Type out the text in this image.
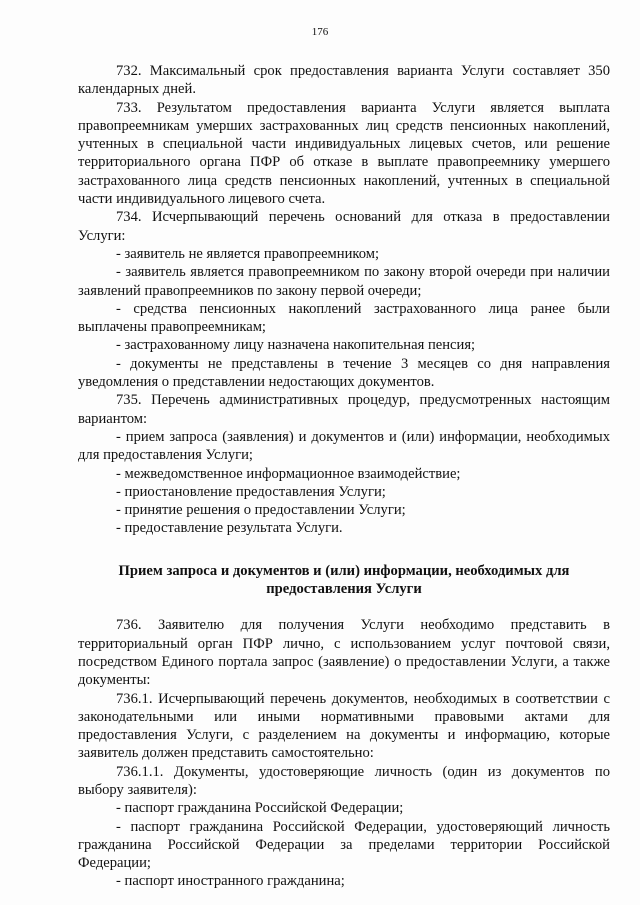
176

732. Максимальный срок предоставления варианта Услуги составляет 350 календарных дней.

733. Результатом предоставления варианта Услуги является выплата правопреемникам умерших застрахованных лиц средств пенсионных накоплений, учтенных в специальной части индивидуальных лицевых счетов, или решение территориального органа ПФР об отказе в выплате правопреемнику умершего застрахованного лица средств пенсионных накоплений, учтенных в специальной части индивидуального лицевого счета.

734. Исчерпывающий перечень оснований для отказа в предоставлении Услуги:

- заявитель не является правопреемником;

- заявитель является правопреемником по закону второй очереди при наличии заявлений правопреемников по закону первой очереди;

- средства пенсионных накоплений застрахованного лица ранее были выплачены правопреемникам;

- застрахованному лицу назначена накопительная пенсия;

- документы не представлены в течение 3 месяцев со дня направления уведомления о представлении недостающих документов.

735. Перечень административных процедур, предусмотренных настоящим вариантом:

- прием запроса (заявления) и документов и (или) информации, необходимых для предоставления Услуги;

- межведомственное информационное взаимодействие;

- приостановление предоставления Услуги;

- принятие решения о предоставлении Услуги;

- предоставление результата Услуги.

Прием запроса и документов и (или) информации, необходимых для предоставления Услуги

736. Заявителю для получения Услуги необходимо представить в территориальный орган ПФР лично, с использованием услуг почтовой связи, посредством Единого портала запрос (заявление) о предоставлении Услуги, а также документы:

736.1. Исчерпывающий перечень документов, необходимых в соответствии с законодательными или иными нормативными правовыми актами для предоставления Услуги, с разделением на документы и информацию, которые заявитель должен представить самостоятельно:

736.1.1. Документы, удостоверяющие личность (один из документов по выбору заявителя):

- паспорт гражданина Российской Федерации;

- паспорт гражданина Российской Федерации, удостоверяющий личность гражданина Российской Федерации за пределами территории Российской Федерации;

- паспорт иностранного гражданина;
